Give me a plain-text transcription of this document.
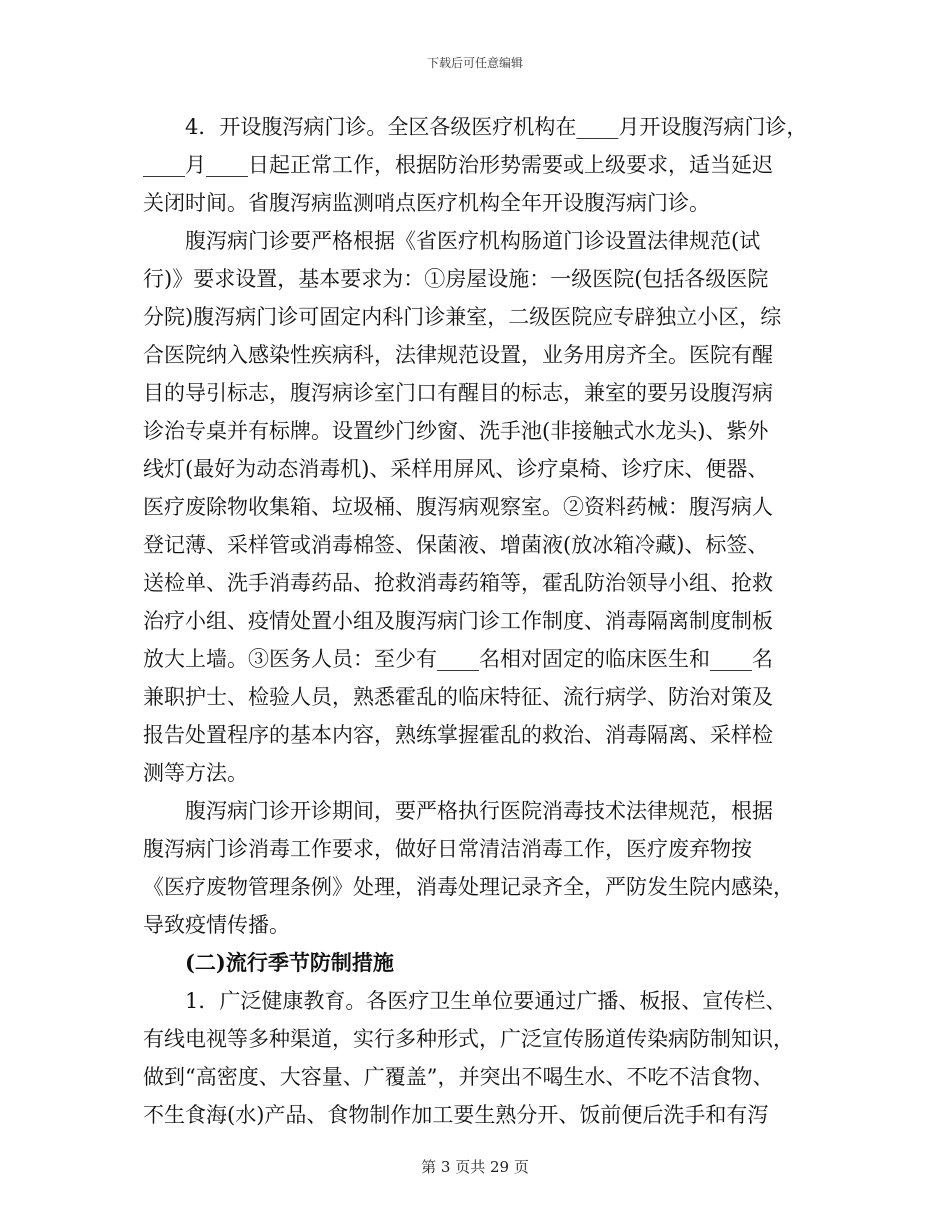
下载后可任意编辑
4．开设腹泻病门诊。全区各级医疗机构在____月开设腹泻病门诊，
____月____日起正常工作，根据防治形势需要或上级要求，适当延迟
关闭时间。省腹泻病监测哨点医疗机构全年开设腹泻病门诊。
腹泻病门诊要严格根据《省医疗机构肠道门诊设置法律规范(试
行)》要求设置，基本要求为：①房屋设施：一级医院(包括各级医院
分院)腹泻病门诊可固定内科门诊兼室，二级医院应专辟独立小区，综
合医院纳入感染性疾病科，法律规范设置，业务用房齐全。医院有醒
目的导引标志，腹泻病诊室门口有醒目的标志，兼室的要另设腹泻病
诊治专桌并有标牌。设置纱门纱窗、洗手池(非接触式水龙头)、紫外
线灯(最好为动态消毒机)、采样用屏风、诊疗桌椅、诊疗床、便器、
医疗废除物收集箱、垃圾桶、腹泻病观察室。②资料药械：腹泻病人
登记薄、采样管或消毒棉签、保菌液、增菌液(放冰箱冷藏)、标签、
送检单、洗手消毒药品、抢救消毒药箱等，霍乱防治领导小组、抢救
治疗小组、疫情处置小组及腹泻病门诊工作制度、消毒隔离制度制板
放大上墙。③医务人员：至少有____名相对固定的临床医生和____名
兼职护士、检验人员，熟悉霍乱的临床特征、流行病学、防治对策及
报告处置程序的基本内容，熟练掌握霍乱的救治、消毒隔离、采样检
测等方法。
腹泻病门诊开诊期间，要严格执行医院消毒技术法律规范，根据
腹泻病门诊消毒工作要求，做好日常清洁消毒工作，医疗废弃物按
《医疗废物管理条例》处理，消毒处理记录齐全，严防发生院内感染，
导致疫情传播。
(二)流行季节防制措施
1．广泛健康教育。各医疗卫生单位要通过广播、板报、宣传栏、
有线电视等多种渠道，实行多种形式，广泛宣传肠道传染病防制知识，
做到“高密度、大容量、广覆盖”，并突出不喝生水、不吃不洁食物、
不生食海(水)产品、食物制作加工要生熟分开、饭前便后洗手和有泻
第 3 页共 29 页
